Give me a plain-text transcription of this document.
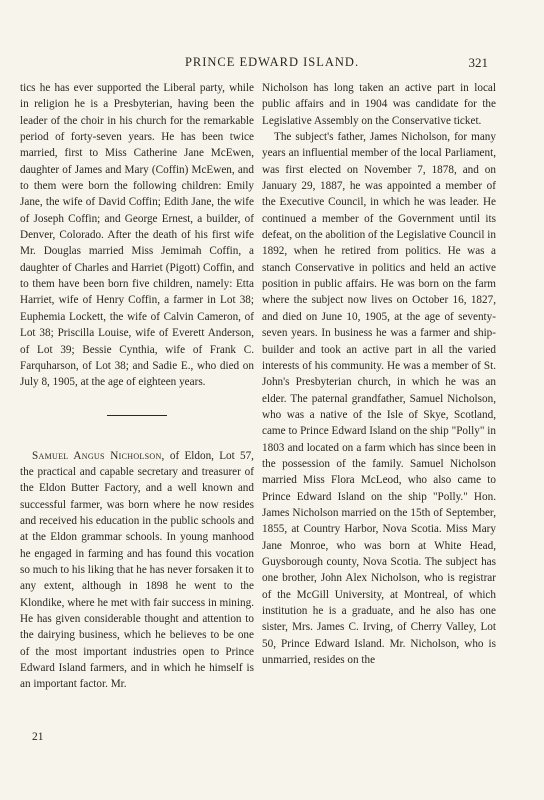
PRINCE EDWARD ISLAND.	321

tics he has ever supported the Liberal party, while in religion he is a Presbyterian, having been the leader of the choir in his church for the remarkable period of forty-seven years. He has been twice married, first to Miss Catherine Jane McEwen, daughter of James and Mary (Coffin) McEwen, and to them were born the following children: Emily Jane, the wife of David Coffin; Edith Jane, the wife of Joseph Coffin; and George Ernest, a builder, of Denver, Colorado. After the death of his first wife Mr. Douglas married Miss Jemimah Coffin, a daughter of Charles and Harriet (Pigott) Coffin, and to them have been born five children, namely: Etta Harriet, wife of Henry Coffin, a farmer in Lot 38; Euphemia Lockett, the wife of Calvin Cameron, of Lot 38; Priscilla Louise, wife of Everett Anderson, of Lot 39; Bessie Cynthia, wife of Frank C. Farquharson, of Lot 38; and Sadie E., who died on July 8, 1905, at the age of eighteen years.

Samuel Angus Nicholson, of Eldon, Lot 57, the practical and capable secretary and treasurer of the Eldon Butter Factory, and a well known and successful farmer, was born where he now resides and received his education in the public schools and at the Eldon grammar schools. In young manhood he engaged in farming and has found this vocation so much to his liking that he has never forsaken it to any extent, although in 1898 he went to the Klondike, where he met with fair success in mining. He has given considerable thought and attention to the dairying business, which he believes to be one of the most important industries open to Prince Edward Island farmers, and in which he himself is an important factor. Mr.

21

Nicholson has long taken an active part in local public affairs and in 1904 was candidate for the Legislative Assembly on the Conservative ticket.

The subject's father, James Nicholson, for many years an influential member of the local Parliament, was first elected on November 7, 1878, and on January 29, 1887, he was appointed a member of the Executive Council, in which he was leader. He continued a member of the Government until its defeat, on the abolition of the Legislative Council in 1892, when he retired from politics. He was a stanch Conservative in politics and held an active position in public affairs. He was born on the farm where the subject now lives on October 16, 1827, and died on June 10, 1905, at the age of seventy-seven years. In business he was a farmer and ship-builder and took an active part in all the varied interests of his community. He was a member of St. John's Presbyterian church, in which he was an elder. The paternal grandfather, Samuel Nicholson, who was a native of the Isle of Skye, Scotland, came to Prince Edward Island on the ship "Polly" in 1803 and located on a farm which has since been in the possession of the family. Samuel Nicholson married Miss Flora McLeod, who also came to Prince Edward Island on the ship "Polly." Hon. James Nicholson married on the 15th of September, 1855, at Country Harbor, Nova Scotia. Miss Mary Jane Monroe, who was born at White Head, Guysborough county, Nova Scotia. The subject has one brother, John Alex Nicholson, who is registrar of the McGill University, at Montreal, of which institution he is a graduate, and he also has one sister, Mrs. James C. Irving, of Cherry Valley, Lot 50, Prince Edward Island. Mr. Nicholson, who is unmarried, resides on the
